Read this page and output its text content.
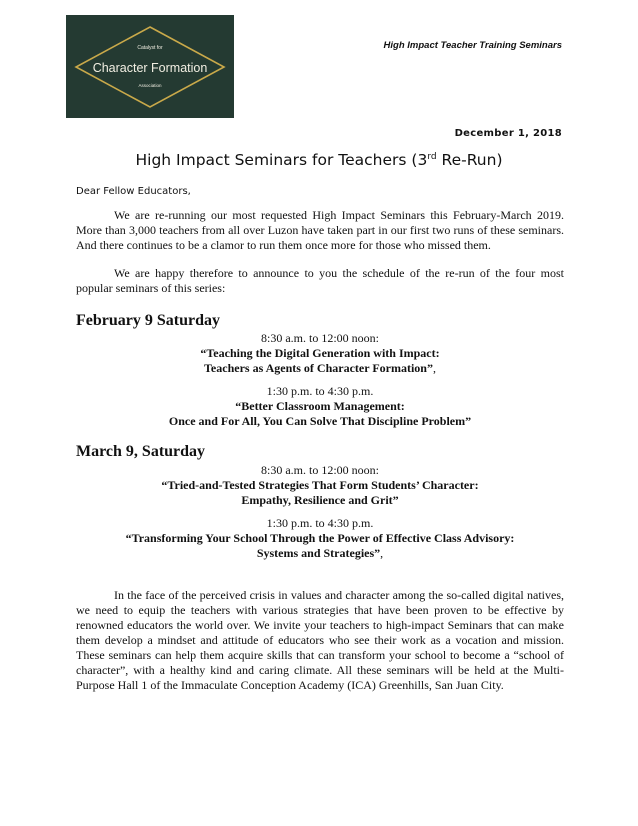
Catalyst for
Character Formation
Association
High Impact Teacher Training Seminars
December 1, 2018
High Impact Seminars for Teachers (3rd Re-Run)
Dear Fellow Educators,
We are re-running our most requested High Impact Seminars this February-March 2019. More than 3,000 teachers from all over Luzon have taken part in our first two runs of these seminars. And there continues to be a clamor to run them once more for those who missed them.
We are happy therefore to announce to you the schedule of the re-run of the four most popular seminars of this series:
February 9 Saturday
8:30 a.m. to 12:00 noon:
“Teaching the Digital Generation with Impact:
Teachers as Agents of Character Formation”,
1:30 p.m. to 4:30 p.m.
“Better Classroom Management:
Once and For All, You Can Solve That Discipline Problem”
March 9, Saturday
8:30 a.m. to 12:00 noon:
“Tried-and-Tested Strategies That Form Students’ Character:
Empathy, Resilience and Grit”
1:30 p.m. to 4:30 p.m.
“Transforming Your School Through the Power of Effective Class Advisory:
Systems and Strategies”,
In the face of the perceived crisis in values and character among the so-called digital natives, we need to equip the teachers with various strategies that have been proven to be effective by renowned educators the world over. We invite your teachers to high-impact Seminars that can make them develop a mindset and attitude of educators who see their work as a vocation and mission. These seminars can help them acquire skills that can transform your school to become a “school of character”, with a healthy kind and caring climate. All these seminars will be held at the Multi-Purpose Hall 1 of the Immaculate Conception Academy (ICA) Greenhills, San Juan City.
